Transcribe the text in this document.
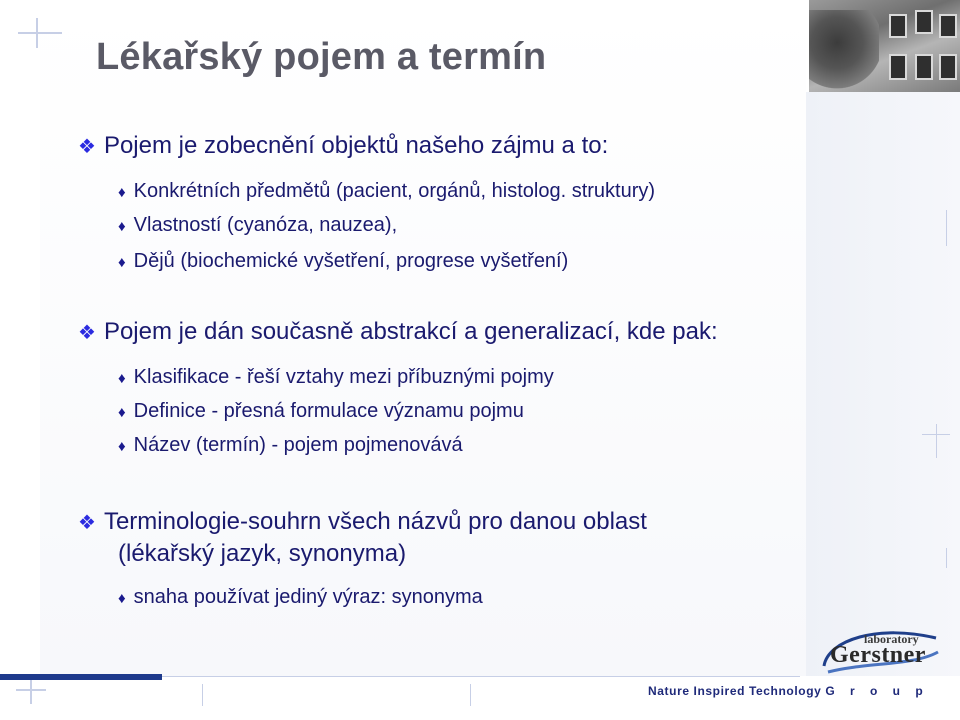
Lékařský pojem a termín
❖ Pojem je zobecnění objektů našeho zájmu a to:
♦ Konkrétních předmětů (pacient, orgánů, histolog. struktury)
♦ Vlastností (cyanóza, nauzea),
♦ Dějů (biochemické vyšetření, progrese vyšetření)
❖ Pojem je dán současně abstrakcí a generalizací, kde pak:
♦ Klasifikace - řeší vztahy mezi příbuznými pojmy
♦ Definice - přesná formulace významu pojmu
♦ Název (termín) - pojem pojmenovává
❖ Terminologie-souhrn všech názvů pro danou oblast
(lékařský jazyk, synonyma)
♦ snaha používat jediný výraz: synonyma
Nature Inspired Technology G r o u p
laboratory
Gerstner
